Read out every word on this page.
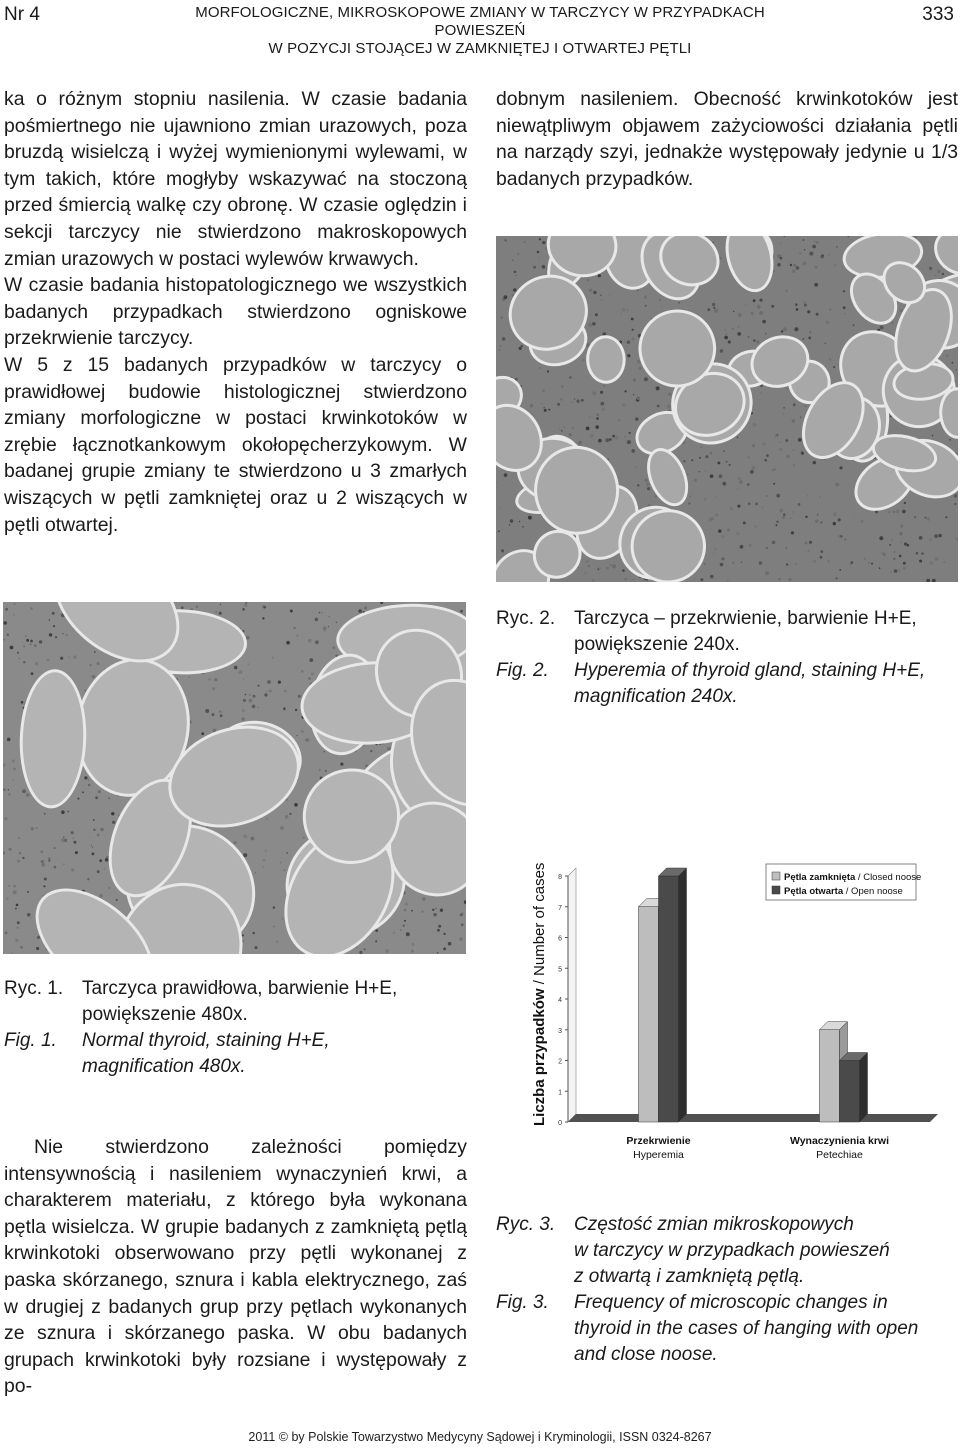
Nr 4	MORFOLOGICZNE, MIKROSKOPOWE ZMIANY W TARCZYCY W PRZYPADKACH POWIESZEŃ
W POZYCJI STOJĄCEJ W ZAMKNIĘTEJ I OTWARTEJ PĘTLI
333

ka o różnym stopniu nasilenia. W czasie badania pośmiertnego nie ujawniono zmian urazowych, poza bruzdą wisielczą i wyżej wymienionymi wylewami, w tym takich, które mogłyby wskazywać na stoczoną przed śmiercią walkę czy obronę. W czasie oględzin i sekcji tarczycy nie stwierdzono makroskopowych zmian urazowych w postaci wylewów krwawych.

W czasie badania histopatologicznego we wszystkich badanych przypadkach stwierdzono ogniskowe przekrwienie tarczycy.

W 5 z 15 badanych przypadków w tarczycy o prawidłowej budowie histologicznej stwierdzono zmiany morfologiczne w postaci krwinkotoków w zrębie łącznotkankowym okołopęcherzykowym. W badanej grupie zmiany te stwierdzono u 3 zmarłych wiszących w pętli zamkniętej oraz u 2 wiszących w pętli otwartej.

dobnym nasileniem. Obecność krwinkotoków jest niewątpliwym objawem zażyciowości działania pętli na narządy szyi, jednakże występowały jedynie u 1/3 badanych przypadków.

Ryc. 2. Tarczyca – przekrwienie, barwienie H+E,
powiększenie 240x.
Fig. 2.	Hyperemia of thyroid gland, staining H+E,
magnification 240x.
Ryc. 1. Tarczyca prawidłowa, barwienie H+E,
powiększenie 480x.
Fig. 1.	Normal thyroid, staining H+E,
magnification 480x.

Nie stwierdzono zależności pomiędzy intensywnością i nasileniem wynaczynień krwi, a charakterem materiału, z którego była wykonana pętla wisielcza. W grupie badanych z zamkniętą pętlą krwinkotoki obserwowano przy pętli wykonanej z paska skórzanego, sznura i kabla elektrycznego, zaś w drugiej z badanych grup przy pętlach wykonanych ze sznura i skórzanego paska. W obu badanych grupach krwinkotoki były rozsiane i występowały z po-

Liczba przypadków / Number of cases
0
1
2
3
4
5
6
7
8
Przekrwienie
Hyperemia
Wynaczynienia krwi
Petechiae
Pętla zamknięta / Closed noose
Pętla otwarta / Open noose
Ryc. 3. Częstość zmian mikroskopowych
w tarczycy w przypadkach powieszeń
z otwartą i zamkniętą pętlą.
Fig. 3.	Frequency of microscopic changes in
thyroid in the cases of hanging with open
and close noose.
2011 © by Polskie Towarzystwo Medycyny Sądowej i Kryminologii, ISSN 0324-8267
